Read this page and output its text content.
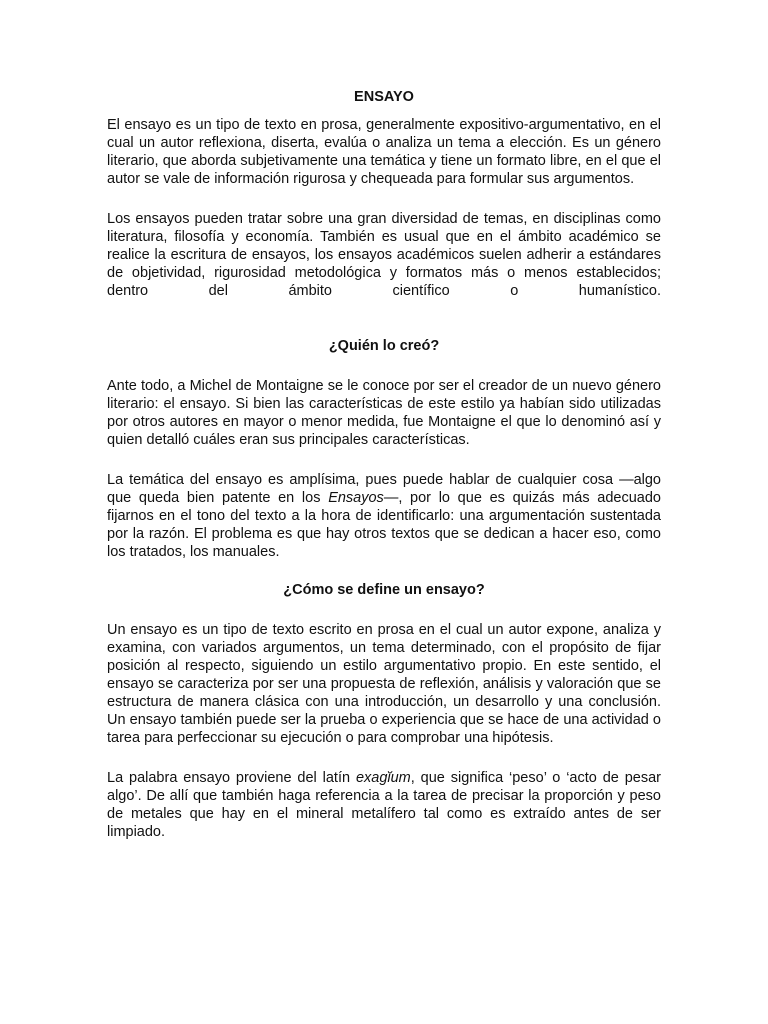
ENSAYO

El ensayo es un tipo de texto en prosa, generalmente expositivo-argumentativo, en el cual un autor reflexiona, diserta, evalúa o analiza un tema a elección. Es un género literario, que aborda subjetivamente una temática y tiene un formato libre, en el que el autor se vale de información rigurosa y chequeada para formular sus argumentos.

Los ensayos pueden tratar sobre una gran diversidad de temas, en disciplinas como literatura, filosofía y economía. También es usual que en el ámbito académico se realice la escritura de ensayos, los ensayos académicos suelen adherir a estándares de objetividad, rigurosidad metodológica y formatos más o menos establecidos; dentro del ámbito científico o humanístico.

¿Quién lo creó?

Ante todo, a Michel de Montaigne se le conoce por ser el creador de un nuevo género literario: el ensayo. Si bien las características de este estilo ya habían sido utilizadas por otros autores en mayor o menor medida, fue Montaigne el que lo denominó así y quien detalló cuáles eran sus principales características.

La temática del ensayo es amplísima, pues puede hablar de cualquier cosa —algo que queda bien patente en los Ensayos—, por lo que es quizás más adecuado fijarnos en el tono del texto a la hora de identificarlo: una argumentación sustentada por la razón. El problema es que hay otros textos que se dedican a hacer eso, como los tratados, los manuales.

¿Cómo se define un ensayo?

Un ensayo es un tipo de texto escrito en prosa en el cual un autor expone, analiza y examina, con variados argumentos, un tema determinado, con el propósito de fijar posición al respecto, siguiendo un estilo argumentativo propio. En este sentido, el ensayo se caracteriza por ser una propuesta de reflexión, análisis y valoración que se estructura de manera clásica con una introducción, un desarrollo y una conclusión. Un ensayo también puede ser la prueba o experiencia que se hace de una actividad o tarea para perfeccionar su ejecución o para comprobar una hipótesis.

La palabra ensayo proviene del latín exagĭum, que significa ‘peso’ o ‘acto de pesar algo’. De allí que también haga referencia a la tarea de precisar la proporción y peso de metales que hay en el mineral metalífero tal como es extraído antes de ser limpiado.
